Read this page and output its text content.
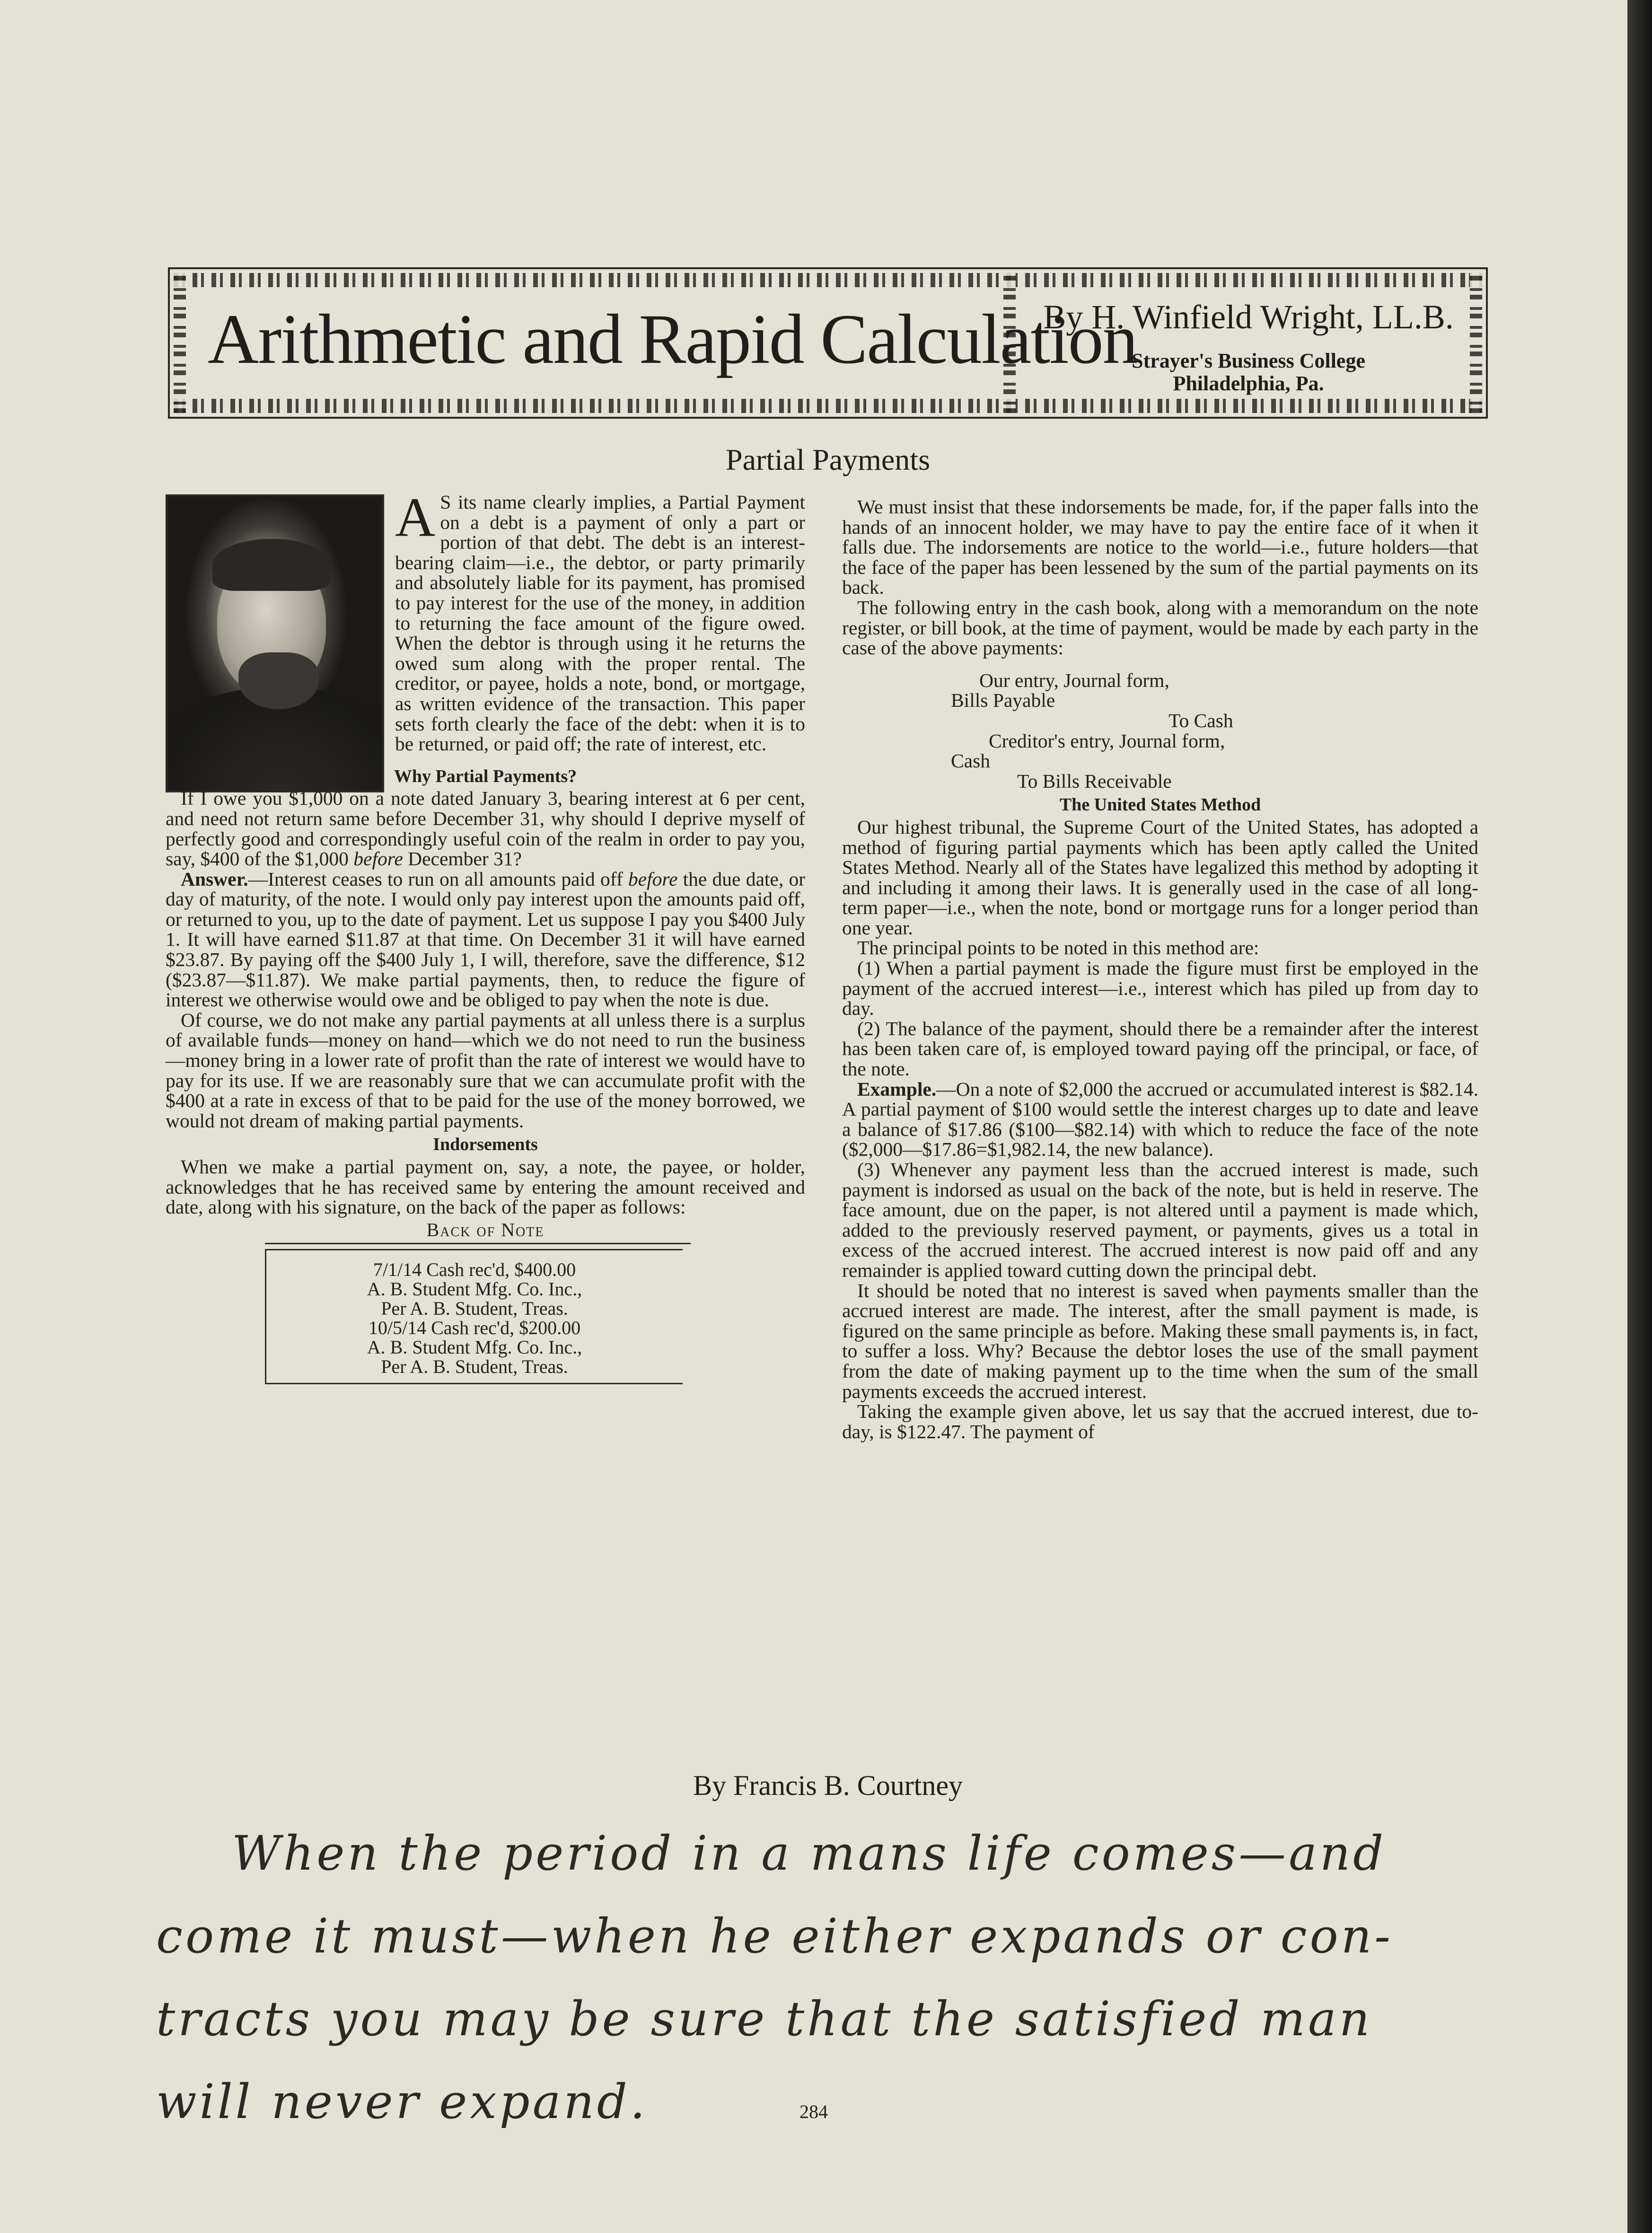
Arithmetic and Rapid Calculation
By H. Winfield Wright, LL.B.
Strayer's Business College
Philadelphia, Pa.
Partial Payments
A S its name clearly implies, a Partial Payment on a debt is a payment of only a part or portion of that debt. The debt is an interest-bearing claim—i.e., the debtor, or party primarily and absolutely liable for its payment, has promised to pay interest for the use of the money, in addition to returning the face amount of the figure owed. When the debtor is through using it he returns the owed sum along with the proper rental. The creditor, or payee, holds a note, bond, or mortgage, as written evidence of the transaction. This paper sets forth clearly the face of the debt: when it is to be returned, or paid off; the rate of interest, etc.

Why Partial Payments?

If I owe you $1,000 on a note dated January 3, bearing interest at 6 per cent, and need not return same before December 31, why should I deprive myself of perfectly good and correspondingly useful coin of the realm in order to pay you, say, $400 of the $1,000 before December 31?

Answer.—Interest ceases to run on all amounts paid off before the due date, or day of maturity, of the note. I would only pay interest upon the amounts paid off, or returned to you, up to the date of payment. Let us suppose I pay you $400 July 1. It will have earned $11.87 at that time. On December 31 it will have earned $23.87. By paying off the $400 July 1, I will, therefore, save the difference, $12 ($23.87—$11.87). We make partial payments, then, to reduce the figure of interest we otherwise would owe and be obliged to pay when the note is due.

Of course, we do not make any partial payments at all unless there is a surplus of available funds—money on hand—which we do not need to run the business—money bring in a lower rate of profit than the rate of interest we would have to pay for its use. If we are reasonably sure that we can accumulate profit with the $400 at a rate in excess of that to be paid for the use of the money borrowed, we would not dream of making partial payments.

Indorsements

When we make a partial payment on, say, a note, the payee, or holder, acknowledges that he has received same by entering the amount received and date, along with his signature, on the back of the paper as follows:

Back of Note

7/1/14 Cash rec'd, $400.00

A. B. Student Mfg. Co. Inc.,

Per A. B. Student, Treas.

10/5/14 Cash rec'd, $200.00

A. B. Student Mfg. Co. Inc.,

Per A. B. Student, Treas.

We must insist that these indorsements be made, for, if the paper falls into the hands of an innocent holder, we may have to pay the entire face of it when it falls due. The indorsements are notice to the world—i.e., future holders—that the face of the paper has been lessened by the sum of the partial payments on its back.

The following entry in the cash book, along with a memorandum on the note register, or bill book, at the time of payment, would be made by each party in the case of the above payments:

Our entry, Journal form,

Bills Payable

To Cash

Creditor's entry, Journal form,

Cash

To Bills Receivable

The United States Method

Our highest tribunal, the Supreme Court of the United States, has adopted a method of figuring partial payments which has been aptly called the United States Method. Nearly all of the States have legalized this method by adopting it and including it among their laws. It is generally used in the case of all long-term paper—i.e., when the note, bond or mortgage runs for a longer period than one year.

The principal points to be noted in this method are:

(1) When a partial payment is made the figure must first be employed in the payment of the accrued interest—i.e., interest which has piled up from day to day.

(2) The balance of the payment, should there be a remainder after the interest has been taken care of, is employed toward paying off the principal, or face, of the note.

Example.—On a note of $2,000 the accrued or accumulated interest is $82.14. A partial payment of $100 would settle the interest charges up to date and leave a balance of $17.86 ($100—$82.14) with which to reduce the face of the note ($2,000—$17.86=$1,982.14, the new balance).

(3) Whenever any payment less than the accrued interest is made, such payment is indorsed as usual on the back of the note, but is held in reserve. The face amount, due on the paper, is not altered until a payment is made which, added to the previously reserved payment, or payments, gives us a total in excess of the accrued interest. The accrued interest is now paid off and any remainder is applied toward cutting down the principal debt.

It should be noted that no interest is saved when payments smaller than the accrued interest are made. The interest, after the small payment is made, is figured on the same principle as before. Making these small payments is, in fact, to suffer a loss. Why? Because the debtor loses the use of the small payment from the date of making payment up to the time when the sum of the small payments exceeds the accrued interest.

Taking the example given above, let us say that the accrued interest, due to-day, is $122.47. The payment of

By Francis B. Courtney
When the period in a mans life comes—and
come it must—when he either expands or con-
tracts you may be sure that the satisfied man
will never expand.	284
